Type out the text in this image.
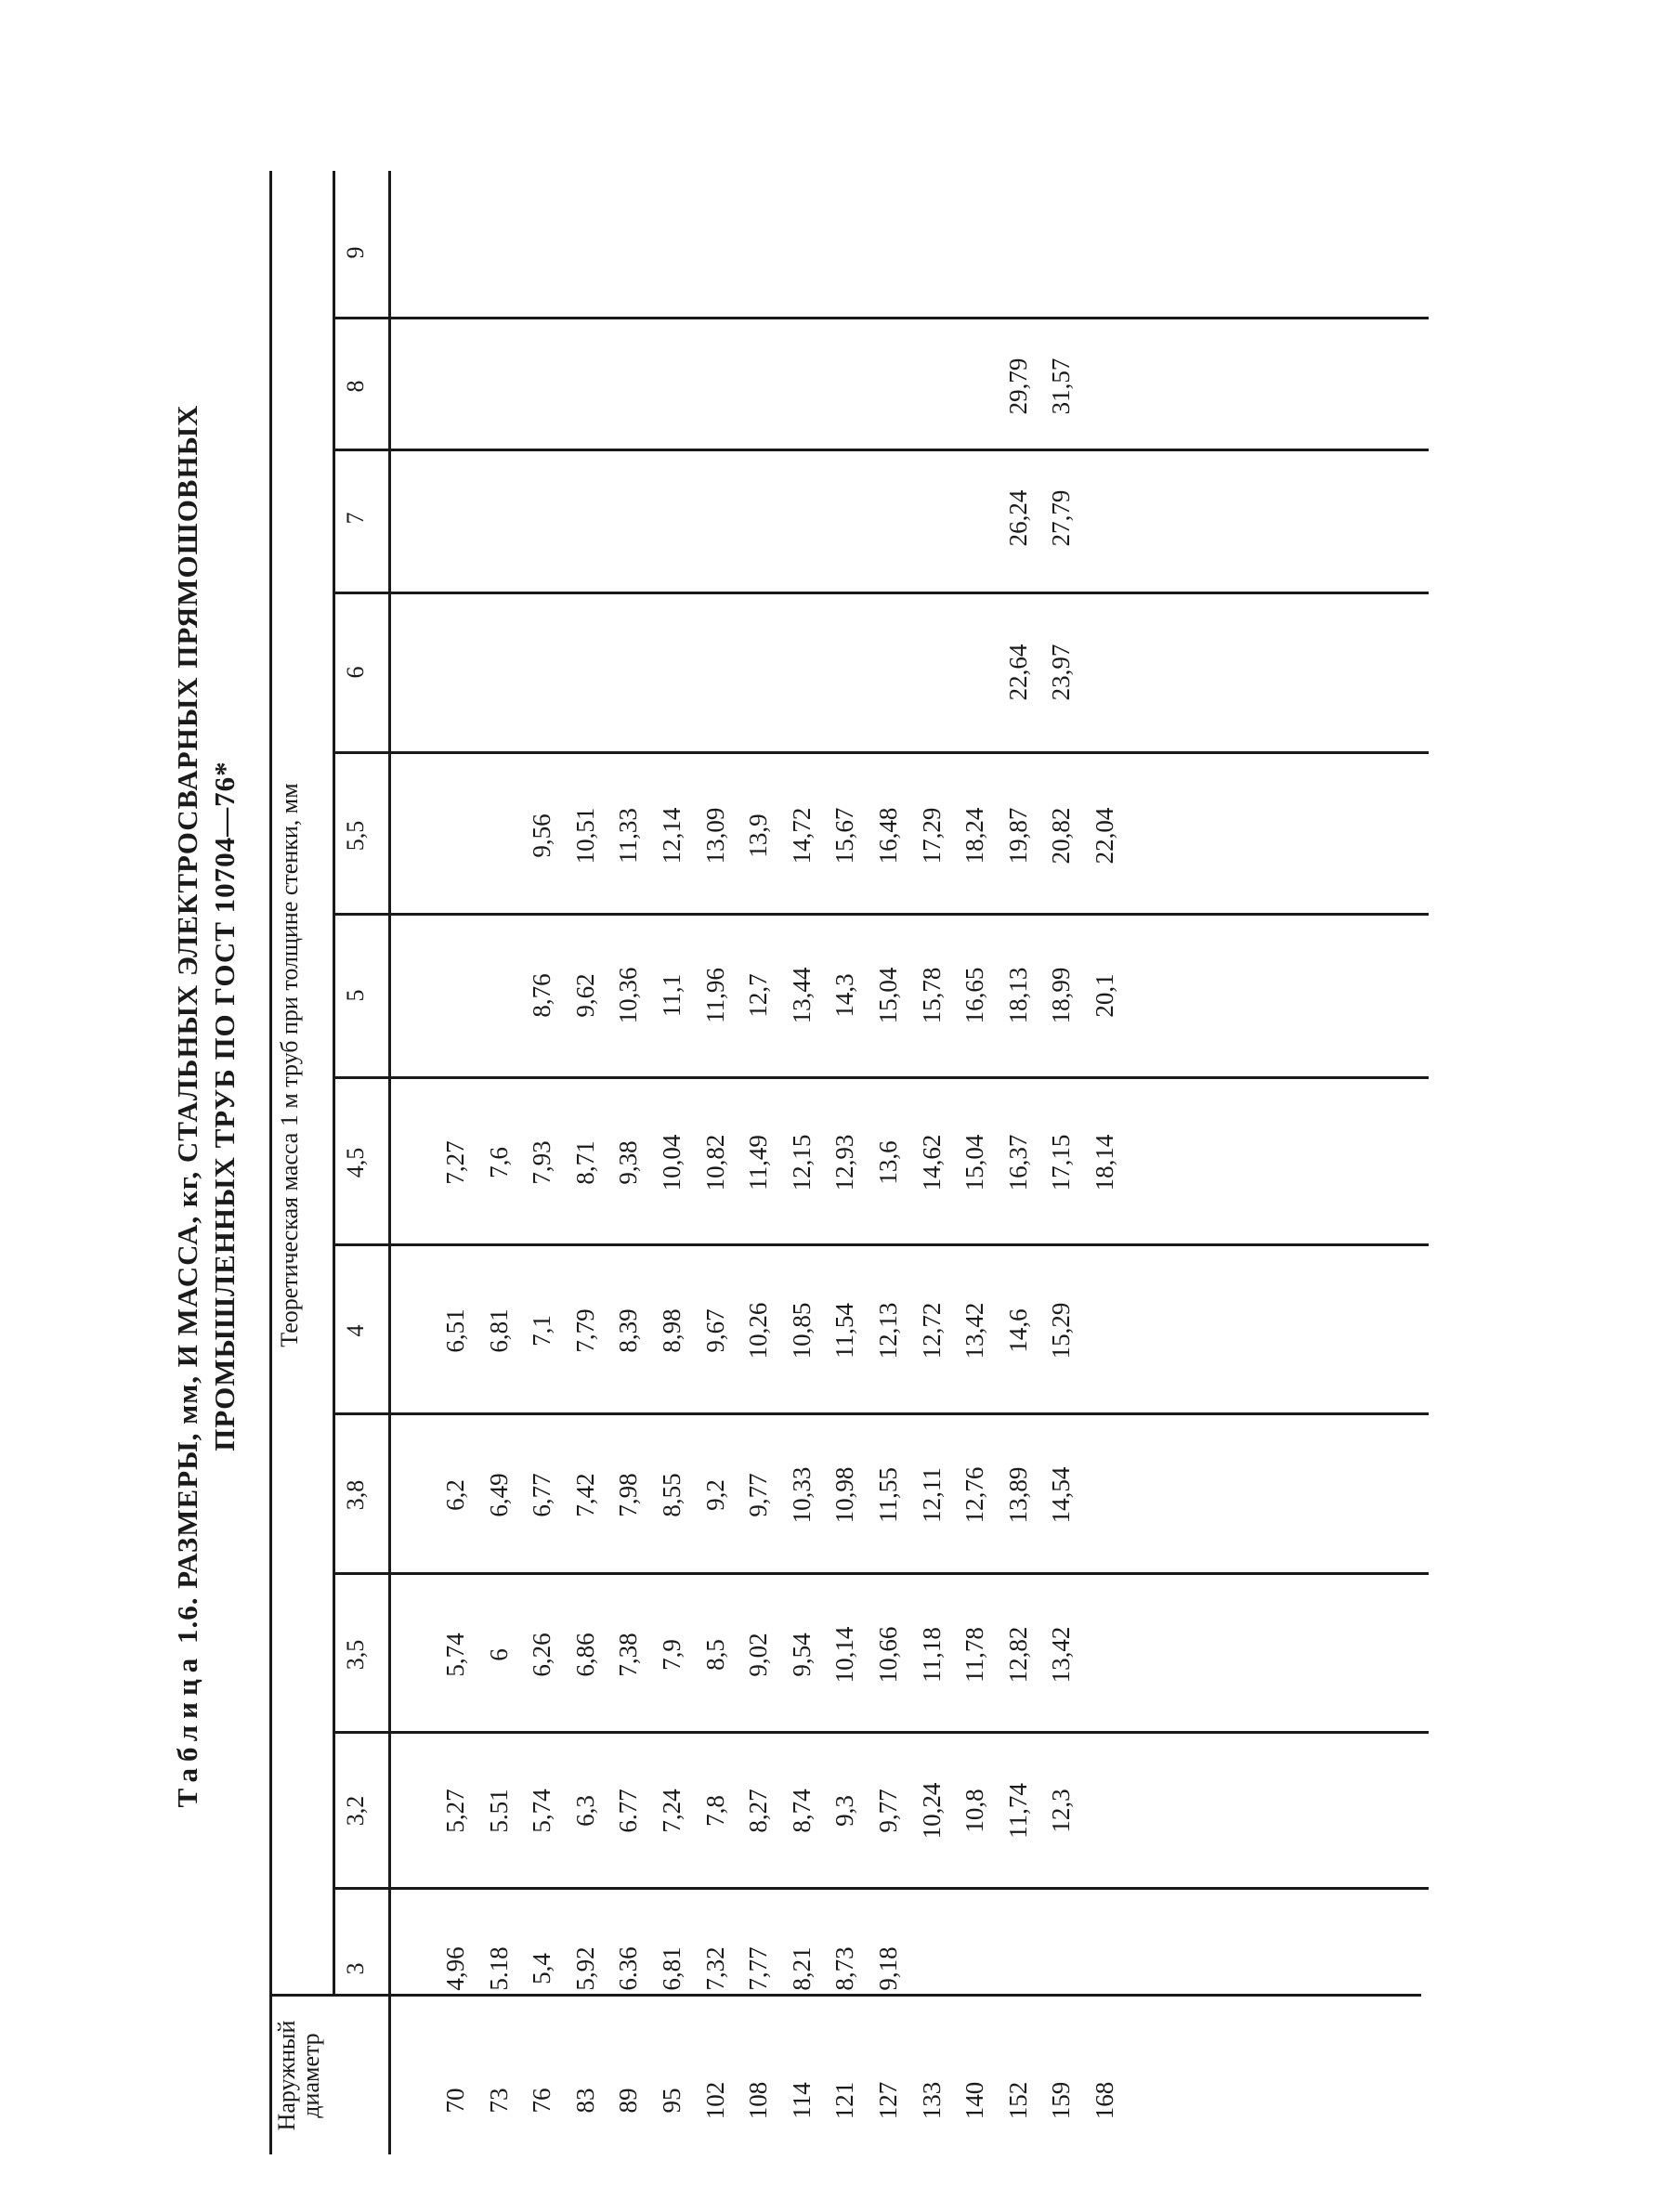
Таблица 1.6. РАЗМЕРЫ, мм, И МАССА, кг, СТАЛЬНЫХ ЭЛЕКТРОСВАРНЫХ ПРЯМОШОВНЫХ ПРОМЫШЛЕННЫХ ТРУБ ПО ГОСТ 10704—76*
Наружный
диаметр
Теоретическая масса 1 м труб при толщине стенки, мм
3
3,2
3,5
3,8
4
4,5
5
5,5
6
7
8
9
70
4,96
5,27
5,74
6,2
6,51
7,27
73
5.18
5.51
6
6,49
6,81
7,6
76
5,4
5,74
6,26
6,77
7,1
7,93
8,76
9,56
83
5,92
6,3
6,86
7,42
7,79
8,71
9,62
10,51
89
6.36
6.77
7,38
7,98
8,39
9,38
10,36
11,33
95
6,81
7,24
7,9
8,55
8,98
10,04
11,1
12,14
102
7,32
7,8
8,5
9,2
9,67
10,82
11,96
13,09
108
7,77
8,27
9,02
9,77
10,26
11,49
12,7
13,9
114
8,21
8,74
9,54
10,33
10,85
12,15
13,44
14,72
121
8,73
9,3
10,14
10,98
11,54
12,93
14,3
15,67
127
9,18
9,77
10,66
11,55
12,13
13,6
15,04
16,48
133
10,24
11,18
12,11
12,72
14,62
15,78
17,29
140
10,8
11,78
12,76
13,42
15,04
16,65
18,24
152
11,74
12,82
13,89
14,6
16,37
18,13
19,87
22,64
26,24
29,79
159
12,3
13,42
14,54
15,29
17,15
18,99
20,82
23,97
27,79
31,57
168
18,14
20,1
22,04
